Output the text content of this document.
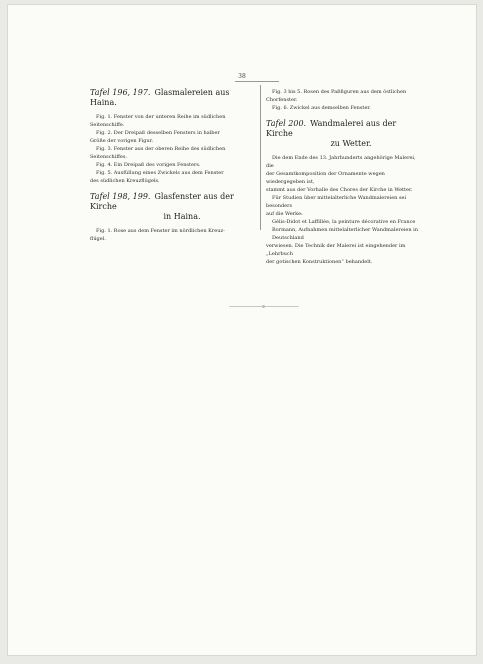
38
Tafel 196, 197. Glasmalereien aus Haina.

Fig. 1. Fenster von der unteren Reihe im südlichen

Seitenschiffe.

Fig. 2. Der Dreipaß desselben Fensters in halber

Größe der vorigen Figur.

Fig. 3. Fenster aus der oberen Reihe des südlichen

Seitenschiffes.

Fig. 4. Ein Dreipaß des vorigen Fensters.

Fig. 5. Ausfüllung eines Zwickels aus dem Fenster

des südlichen Kreuzflügels.

Tafel 198, 199. Glasfenster aus der Kirche
in Haina.

Fig. 1. Rose aus dem Fenster im nördlichen Kreuz-

flügel.

Fig. 3 bis 5. Rosen des Paßfiguren aus dem östlichen

Chorfenster.

Fig. 6. Zwickel aus demselben Fenster.

Tafel 200. Wandmalerei aus der Kirche
zu Wetter.

Die dem Ende des 13. Jahrhunderts angehörige Malerei, die

der Gesamtkomposition der Ornamente wegen wiedergegeben ist,

stammt aus der Vorhalle des Chores der Kirche in Wetter.

Für Studien über mittelalterliche Wandmalereien sei besonders

auf die Werke:

Gélis-Didot et Laffillée, la peinture décorative en France

Bormann, Aufnahmen mittelalterlicher Wandmalereien in

Deutschland

verwiesen. Die Technik der Malerei ist eingehender im „Lehrbuch

der gotischen Konstruktionen“ behandelt.
